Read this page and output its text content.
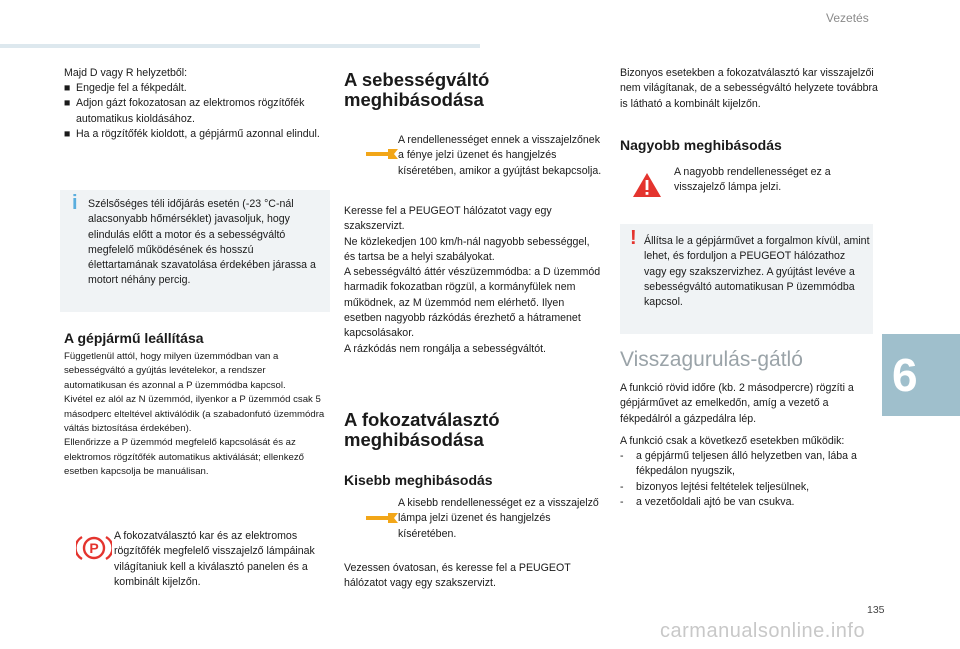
Vezetés
Majd D vagy R helyzetből:
■ Engedje fel a fékpedált.
■ Adjon gázt fokozatosan az elektromos rögzítőfék automatikus kioldásához.
■ Ha a rögzítőfék kioldott, a gépjármű azonnal elindul.
i Szélsőséges téli időjárás esetén (-23 °C-nál alacsonyabb hőmérséklet) javasoljuk, hogy elindulás előtt a motor és a sebességváltó megfelelő működésének és hosszú élettartamának szavatolása érdekében járassa a motort néhány percig.
A gépjármű leállítása
Függetlenül attól, hogy milyen üzemmódban van a sebességváltó a gyújtás levételekor, a rendszer automatikusan és azonnal a P üzemmódba kapcsol.
Kivétel ez alól az N üzemmód, ilyenkor a P üzemmód csak 5 másodperc elteltével aktiválódik (a szabadonfutó üzemmódra váltás biztosítása érdekében).
Ellenőrizze a P üzemmód megfelelő kapcsolását és az elektromos rögzítőfék automatikus aktiválását; ellenkező esetben kapcsolja be manuálisan.
P
A fokozatválasztó kar és az elektromos rögzítőfék megfelelő visszajelző lámpáinak világítaniuk kell a kiválasztó panelen és a kombinált kijelzőn.
A sebességváltó
meghibásodása
A rendellenességet ennek a visszajelzőnek a fénye jelzi üzenet és hangjelzés kíséretében, amikor a gyújtást bekapcsolja.
Keresse fel a PEUGEOT hálózatot vagy egy szakszervizt.
Ne közlekedjen 100 km/h-nál nagyobb sebességgel, és tartsa be a helyi szabályokat.
A sebességváltó áttér vészüzemmódba: a D üzemmód harmadik fokozatban rögzül, a kormányfülek nem működnek, az M üzemmód nem elérhető. Ilyen esetben nagyobb rázkódás érezhető a hátramenet kapcsolásakor.
A rázkódás nem rongálja a sebességváltót.
A fokozatválasztó
meghibásodása
Kisebb meghibásodás
A kisebb rendellenességet ez a visszajelző lámpa jelzi üzenet és hangjelzés kíséretében.
Vezessen óvatosan, és keresse fel a PEUGEOT hálózatot vagy egy szakszervizt.
Bizonyos esetekben a fokozatválasztó kar visszajelzői nem világítanak, de a sebességváltó helyzete továbbra is látható a kombinált kijelzőn.
Nagyobb meghibásodás
A nagyobb rendellenességet ez a visszajelző lámpa jelzi.
! Állítsa le a gépjárművet a forgalmon kívül, amint lehet, és forduljon a PEUGEOT hálózathoz vagy egy szakszervizhez. A gyújtást levéve a sebességváltó automatikusan P üzemmódba kapcsol.
Visszagurulás-gátló
A funkció rövid időre (kb. 2 másodpercre) rögzíti a gépjárművet az emelkedőn, amíg a vezető a fékpedálról a gázpedálra lép.
A funkció csak a következő esetekben működik:
-	a gépjármű teljesen álló helyzetben van, lába a fékpedálon nyugszik,
-	bizonyos lejtési feltételek teljesülnek,
-	a vezetőoldali ajtó be van csukva.
6
135
carmanualsonline.info
